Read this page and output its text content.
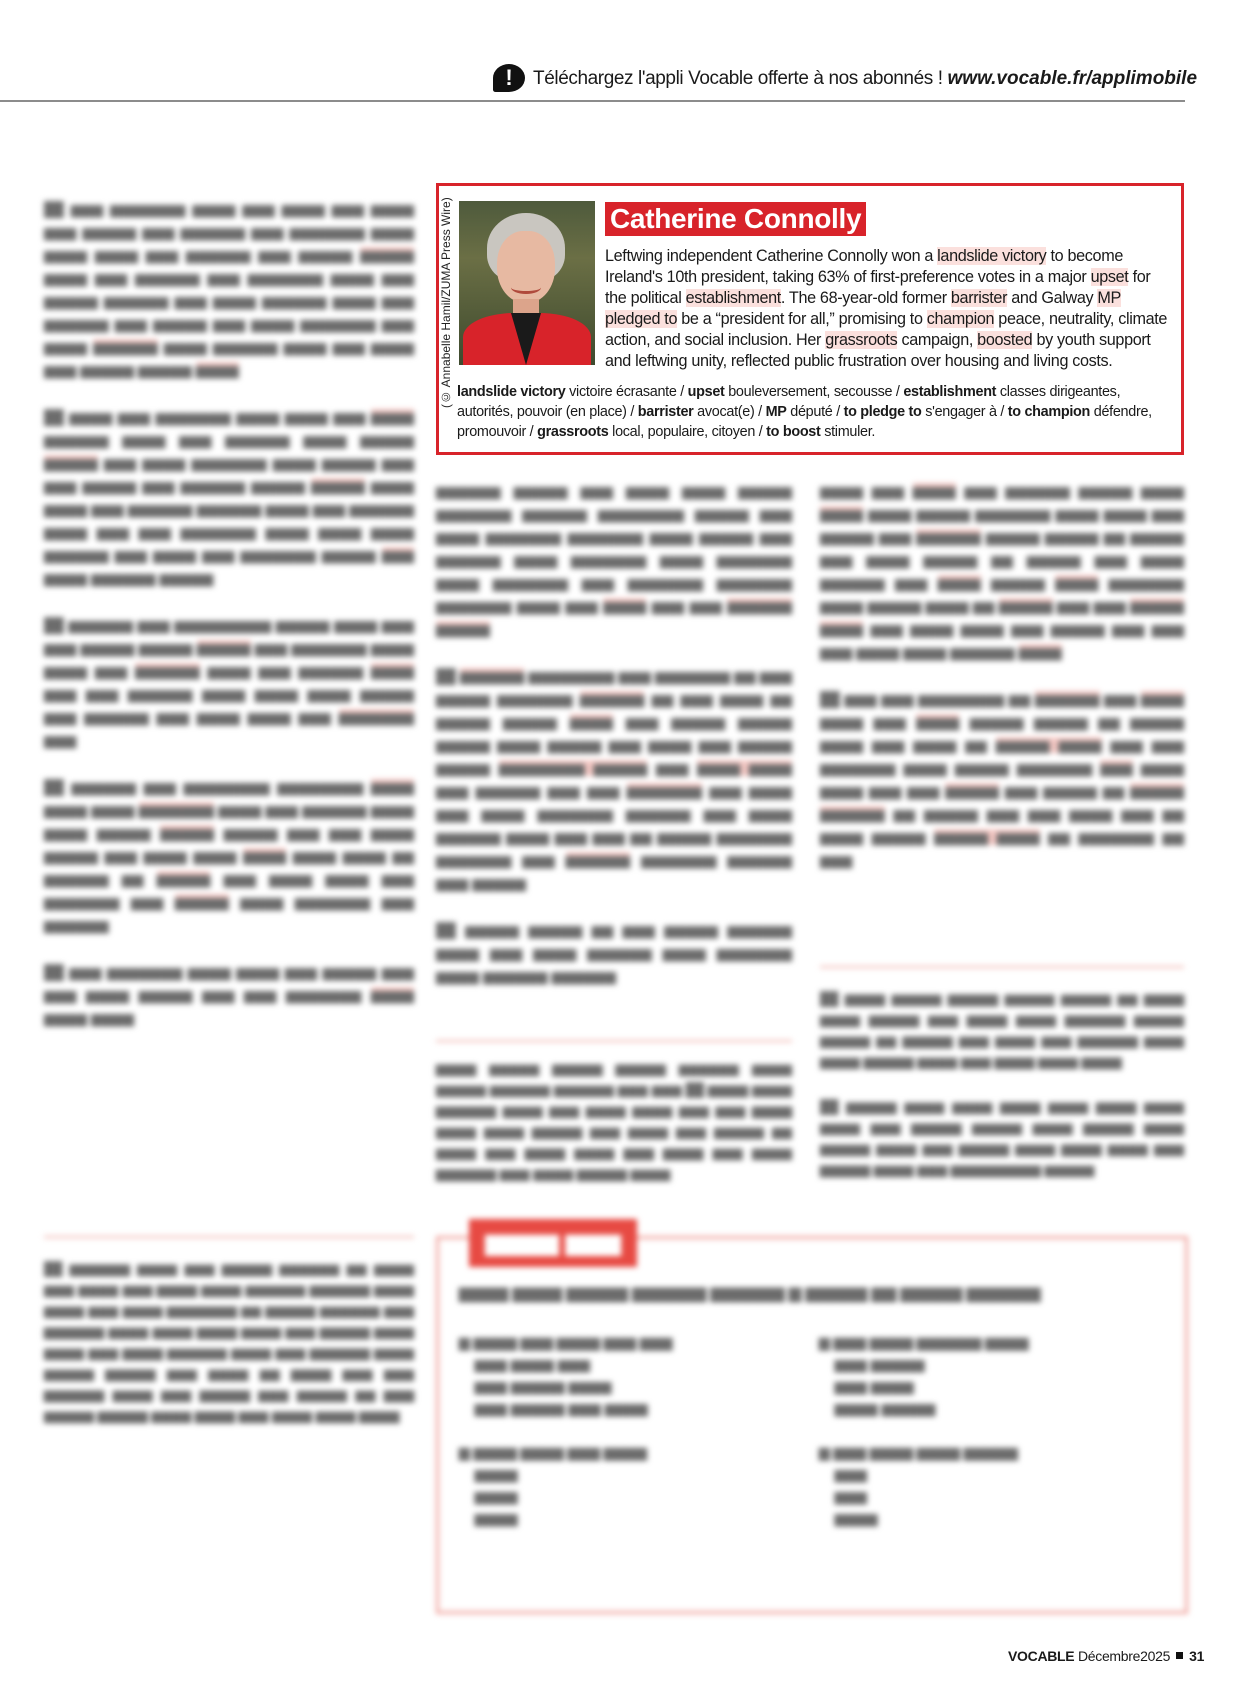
!	Téléchargez l'appli Vocable offerte à nos abonnés ! www.vocable.fr/applimobile
(© Annabelle Hamil/ZUMA Press Wire)	Catherine Connolly
Leftwing independent Catherine Connolly won a landslide victory to become Ireland's 10th president, taking 63% of first-preference votes in a major upset for the political establishment. The 68-year-old former barrister and Galway MP pledged to be a “president for all,” promising to champion peace, neutrality, climate action, and social inclusion. Her grassroots campaign, boosted by youth support and leftwing unity, reflected public frustration over housing and living costs.
landslide victory victoire écrasante / upset bouleversement, secousse / establishment classes dirigeantes, autorités, pouvoir (en place) / barrister avocat(e) / MP député / to pledge to s'engager à / to champion défendre, promouvoir / grassroots local, populaire, citoyen / to boost stimuler.

██ ▆▆▆ ▆▆▆▆▆▆▆ ▆▆▆▆ ▆▆▆ ▆▆▆▆ ▆▆▆ ▆▆▆▆ ▆▆▆ ▆▆▆▆▆ ▆▆▆ ▆▆▆▆▆▆ ▆▆▆ ▆▆▆▆▆▆▆ ▆▆▆▆ ▆▆▆▆ ▆▆▆▆ ▆▆▆ ▆▆▆▆▆▆ ▆▆▆ ▆▆▆▆▆ ▆▆▆▆▆ ▆▆▆▆ ▆▆▆ ▆▆▆▆▆▆ ▆▆▆ ▆▆▆▆▆▆▆ ▆▆▆▆ ▆▆▆ ▆▆▆▆▆ ▆▆▆▆▆▆ ▆▆▆ ▆▆▆▆ ▆▆▆▆▆▆ ▆▆▆▆ ▆▆▆ ▆▆▆▆▆▆ ▆▆▆ ▆▆▆▆▆ ▆▆▆ ▆▆▆▆ ▆▆▆▆▆▆▆ ▆▆▆ ▆▆▆▆ ▆▆▆▆▆▆ ▆▆▆▆ ▆▆▆▆▆▆ ▆▆▆▆ ▆▆▆ ▆▆▆▆ ▆▆▆ ▆▆▆▆▆ ▆▆▆▆▆ ▆▆▆▆

██ ▆▆▆▆ ▆▆▆ ▆▆▆▆▆▆▆ ▆▆▆▆ ▆▆▆▆ ▆▆▆ ▆▆▆▆ ▆▆▆▆▆▆ ▆▆▆▆ ▆▆▆ ▆▆▆▆▆▆ ▆▆▆▆ ▆▆▆▆▆ ▆▆▆▆▆ ▆▆▆ ▆▆▆▆ ▆▆▆▆▆▆▆ ▆▆▆▆ ▆▆▆▆▆ ▆▆▆ ▆▆▆ ▆▆▆▆▆ ▆▆▆ ▆▆▆▆▆▆ ▆▆▆▆▆ ▆▆▆▆▆ ▆▆▆▆ ▆▆▆▆ ▆▆▆ ▆▆▆▆▆▆ ▆▆▆▆▆▆ ▆▆▆▆ ▆▆▆ ▆▆▆▆▆▆ ▆▆▆▆ ▆▆▆ ▆▆▆ ▆▆▆▆▆▆▆ ▆▆▆▆ ▆▆▆▆ ▆▆▆▆ ▆▆▆▆▆▆ ▆▆▆ ▆▆▆▆ ▆▆▆ ▆▆▆▆▆▆▆ ▆▆▆▆▆ ▆▆▆ ▆▆▆▆ ▆▆▆▆▆▆ ▆▆▆▆▆

██ ▆▆▆▆▆▆ ▆▆▆ ▆▆▆▆▆▆▆▆▆ ▆▆▆▆▆ ▆▆▆▆ ▆▆▆ ▆▆▆ ▆▆▆▆▆ ▆▆▆▆▆ ▆▆▆▆▆ ▆▆▆ ▆▆▆▆▆▆▆ ▆▆▆▆ ▆▆▆▆ ▆▆▆ ▆▆▆▆▆▆ ▆▆▆▆ ▆▆▆ ▆▆▆▆▆▆ ▆▆▆▆ ▆▆▆ ▆▆▆ ▆▆▆▆▆▆ ▆▆▆▆ ▆▆▆▆ ▆▆▆▆ ▆▆▆▆▆ ▆▆▆ ▆▆▆▆▆▆ ▆▆▆ ▆▆▆▆ ▆▆▆▆ ▆▆▆ ▆▆▆▆▆▆▆ ▆▆▆

██ ▆▆▆▆▆▆ ▆▆▆ ▆▆▆▆▆▆▆▆ ▆▆▆▆▆▆▆▆ ▆▆▆▆ ▆▆▆▆ ▆▆▆▆ ▆▆▆▆▆▆▆ ▆▆▆▆ ▆▆▆ ▆▆▆▆▆▆ ▆▆▆▆ ▆▆▆▆ ▆▆▆▆▆ ▆▆▆▆▆ ▆▆▆▆▆ ▆▆▆ ▆▆▆ ▆▆▆▆ ▆▆▆▆▆ ▆▆▆ ▆▆▆▆ ▆▆▆▆ ▆▆▆▆ ▆▆▆▆ ▆▆▆▆ ▆▆ ▆▆▆▆▆▆ ▆▆ ▆▆▆▆▆ ▆▆▆ ▆▆▆▆ ▆▆▆▆ ▆▆▆ ▆▆▆▆▆▆▆ ▆▆▆ ▆▆▆▆▆ ▆▆▆▆ ▆▆▆▆▆▆▆ ▆▆▆ ▆▆▆▆▆▆

██ ▆▆▆ ▆▆▆▆▆▆▆ ▆▆▆▆ ▆▆▆▆ ▆▆▆ ▆▆▆▆▆ ▆▆▆ ▆▆▆ ▆▆▆▆ ▆▆▆▆▆ ▆▆▆ ▆▆▆ ▆▆▆▆▆▆▆ ▆▆▆▆ ▆▆▆▆ ▆▆▆▆

██ ▆▆▆▆▆▆ ▆▆▆▆ ▆▆▆ ▆▆▆▆▆ ▆▆▆▆▆▆ ▆▆ ▆▆▆▆ ▆▆▆ ▆▆▆▆ ▆▆▆ ▆▆▆▆ ▆▆▆▆ ▆▆▆▆▆▆ ▆▆▆▆▆▆ ▆▆▆▆ ▆▆▆▆ ▆▆▆ ▆▆▆▆ ▆▆▆▆▆▆▆ ▆▆ ▆▆▆▆▆ ▆▆▆▆▆▆ ▆▆▆ ▆▆▆▆▆▆ ▆▆▆▆ ▆▆▆▆ ▆▆▆▆ ▆▆▆▆ ▆▆▆ ▆▆▆▆▆ ▆▆▆▆ ▆▆▆▆ ▆▆▆ ▆▆▆▆ ▆▆▆▆▆▆ ▆▆▆▆ ▆▆▆ ▆▆▆▆▆▆ ▆▆▆▆ ▆▆▆▆▆ ▆▆▆▆▆ ▆▆▆ ▆▆▆▆ ▆▆ ▆▆▆▆ ▆▆▆ ▆▆▆ ▆▆▆▆▆▆ ▆▆▆▆ ▆▆▆ ▆▆▆▆▆ ▆▆▆ ▆▆▆▆▆ ▆▆ ▆▆▆ ▆▆▆▆▆ ▆▆▆▆▆ ▆▆▆▆ ▆▆▆▆ ▆▆▆ ▆▆▆▆ ▆▆▆▆ ▆▆▆▆

▆▆▆▆▆▆ ▆▆▆▆▆ ▆▆▆ ▆▆▆▆ ▆▆▆▆ ▆▆▆▆▆ ▆▆▆▆▆▆▆ ▆▆▆▆▆▆ ▆▆▆▆▆▆▆▆ ▆▆▆▆▆ ▆▆▆ ▆▆▆▆ ▆▆▆▆▆▆▆ ▆▆▆▆▆▆▆ ▆▆▆▆ ▆▆▆▆▆ ▆▆▆ ▆▆▆▆▆▆ ▆▆▆▆ ▆▆▆▆▆▆▆ ▆▆▆▆ ▆▆▆▆▆▆▆ ▆▆▆▆ ▆▆▆▆▆▆▆ ▆▆▆ ▆▆▆▆▆▆▆ ▆▆▆▆▆▆▆ ▆▆▆▆▆▆▆ ▆▆▆▆ ▆▆▆ ▆▆▆▆ ▆▆▆ ▆▆▆ ▆▆▆▆▆▆ ▆▆▆▆▆

██ ▆▆▆▆▆▆ ▆▆▆▆▆▆▆▆ ▆▆▆ ▆▆▆▆▆▆▆ ▆▆ ▆▆▆ ▆▆▆▆▆ ▆▆▆▆▆▆▆ ▆▆▆▆▆▆ ▆▆ ▆▆▆ ▆▆▆▆ ▆▆ ▆▆▆▆▆ ▆▆▆▆▆ ▆▆▆▆ ▆▆▆ ▆▆▆▆▆ ▆▆▆▆▆ ▆▆▆▆▆ ▆▆▆▆ ▆▆▆▆▆ ▆▆▆ ▆▆▆▆ ▆▆▆ ▆▆▆▆▆ ▆▆▆▆▆ ▆▆▆▆▆▆▆▆ ▆▆▆▆▆ ▆▆▆ ▆▆▆▆ ▆▆▆▆ ▆▆▆ ▆▆▆▆▆▆ ▆▆▆ ▆▆▆ ▆▆▆▆▆▆▆ ▆▆▆ ▆▆▆▆ ▆▆▆ ▆▆▆▆ ▆▆▆▆▆▆▆ ▆▆▆▆▆▆ ▆▆▆ ▆▆▆▆ ▆▆▆▆▆▆ ▆▆▆▆ ▆▆▆ ▆▆▆ ▆▆ ▆▆▆▆▆ ▆▆▆▆▆▆▆ ▆▆▆▆▆▆▆ ▆▆▆ ▆▆▆▆▆▆ ▆▆▆▆▆▆▆ ▆▆▆▆▆▆ ▆▆▆ ▆▆▆▆▆

██ ▆▆▆▆▆ ▆▆▆▆▆ ▆▆ ▆▆▆ ▆▆▆▆▆ ▆▆▆▆▆▆ ▆▆▆▆ ▆▆▆ ▆▆▆▆ ▆▆▆▆▆▆ ▆▆▆▆ ▆▆▆▆▆▆▆ ▆▆▆▆ ▆▆▆▆▆▆ ▆▆▆▆▆▆

▆▆▆▆ ▆▆▆▆▆ ▆▆▆▆▆ ▆▆▆▆▆ ▆▆▆▆▆▆ ▆▆▆▆ ▆▆▆▆▆ ▆▆▆▆▆▆ ▆▆▆▆▆▆ ▆▆▆ ▆▆▆ ██ ▆▆▆▆ ▆▆▆▆ ▆▆▆▆▆▆ ▆▆▆▆ ▆▆▆ ▆▆▆▆ ▆▆▆▆ ▆▆▆ ▆▆▆ ▆▆▆▆ ▆▆▆▆ ▆▆▆▆ ▆▆▆▆▆ ▆▆▆ ▆▆▆▆ ▆▆▆ ▆▆▆▆▆ ▆▆ ▆▆▆▆ ▆▆▆ ▆▆▆▆ ▆▆▆▆ ▆▆▆ ▆▆▆▆ ▆▆▆ ▆▆▆▆ ▆▆▆▆▆▆ ▆▆▆ ▆▆▆▆ ▆▆▆▆▆ ▆▆▆▆

▆▆▆▆ ▆▆▆ ▆▆▆▆ ▆▆▆ ▆▆▆▆▆▆ ▆▆▆▆▆ ▆▆▆▆ ▆▆▆▆ ▆▆▆▆ ▆▆▆▆▆ ▆▆▆▆▆▆▆ ▆▆▆▆ ▆▆▆▆ ▆▆▆ ▆▆▆▆▆ ▆▆▆ ▆▆▆▆▆▆ ▆▆▆▆▆ ▆▆▆▆▆ ▆▆ ▆▆▆▆▆ ▆▆▆ ▆▆▆▆ ▆▆▆▆▆ ▆▆ ▆▆▆▆▆ ▆▆▆ ▆▆▆▆ ▆▆▆▆▆▆ ▆▆▆ ▆▆▆▆ ▆▆▆▆▆ ▆▆▆▆ ▆▆▆▆▆▆▆ ▆▆▆▆ ▆▆▆▆▆ ▆▆▆▆ ▆▆ ▆▆▆▆▆ ▆▆▆ ▆▆▆ ▆▆▆▆▆ ▆▆▆▆ ▆▆▆ ▆▆▆▆ ▆▆▆▆ ▆▆▆ ▆▆▆▆▆ ▆▆▆ ▆▆▆ ▆▆▆ ▆▆▆▆ ▆▆▆▆ ▆▆▆▆▆▆ ▆▆▆▆

██ ▆▆▆ ▆▆▆ ▆▆▆▆▆▆▆▆ ▆▆ ▆▆▆▆▆▆ ▆▆▆ ▆▆▆▆ ▆▆▆▆ ▆▆▆ ▆▆▆▆ ▆▆▆▆▆ ▆▆▆▆▆ ▆▆ ▆▆▆▆▆ ▆▆▆▆ ▆▆▆ ▆▆▆▆ ▆▆ ▆▆▆▆▆ ▆▆▆▆ ▆▆▆ ▆▆▆ ▆▆▆▆▆▆▆ ▆▆▆▆ ▆▆▆▆▆ ▆▆▆▆▆▆▆ ▆▆▆ ▆▆▆▆ ▆▆▆▆ ▆▆▆ ▆▆▆ ▆▆▆▆▆ ▆▆▆ ▆▆▆▆▆ ▆▆ ▆▆▆▆▆ ▆▆▆▆▆▆ ▆▆ ▆▆▆▆▆ ▆▆▆ ▆▆▆ ▆▆▆▆ ▆▆▆ ▆▆ ▆▆▆▆ ▆▆▆▆▆ ▆▆▆▆▆ ▆▆▆▆ ▆▆ ▆▆▆▆▆▆▆ ▆▆ ▆▆▆

██ ▆▆▆▆ ▆▆▆▆▆ ▆▆▆▆▆ ▆▆▆▆▆ ▆▆▆▆▆ ▆▆ ▆▆▆▆ ▆▆▆▆ ▆▆▆▆▆ ▆▆▆ ▆▆▆▆ ▆▆▆▆ ▆▆▆▆▆▆ ▆▆▆▆▆ ▆▆▆▆▆ ▆▆ ▆▆▆▆▆ ▆▆▆ ▆▆▆▆ ▆▆▆ ▆▆▆▆▆▆ ▆▆▆▆ ▆▆▆▆ ▆▆▆▆▆ ▆▆▆▆ ▆▆▆ ▆▆▆▆ ▆▆▆▆ ▆▆▆▆

██ ▆▆▆▆▆ ▆▆▆▆ ▆▆▆▆ ▆▆▆▆ ▆▆▆▆ ▆▆▆▆ ▆▆▆▆ ▆▆▆▆ ▆▆▆ ▆▆▆▆▆ ▆▆▆▆▆ ▆▆▆▆ ▆▆▆▆▆ ▆▆▆▆ ▆▆▆▆▆ ▆▆▆▆ ▆▆▆ ▆▆▆▆▆ ▆▆▆▆ ▆▆▆▆ ▆▆▆▆ ▆▆▆ ▆▆▆▆▆ ▆▆▆▆ ▆▆▆ ▆▆▆▆▆▆▆▆▆ ▆▆▆▆▆

▆▆▆▆ ▆▆▆
▆▆▆▆ ▆▆▆▆ ▆▆▆▆▆ ▆▆▆▆▆▆ ▆▆▆▆▆▆ ▆ ▆▆▆▆▆ ▆▆ ▆▆▆▆▆ ▆▆▆▆▆▆
▆ ▆▆▆▆ ▆▆▆ ▆▆▆▆ ▆▆▆ ▆▆▆
▆▆▆ ▆▆▆▆ ▆▆▆
▆▆▆ ▆▆▆▆▆ ▆▆▆▆
▆▆▆ ▆▆▆▆▆ ▆▆▆ ▆▆▆▆

▆ ▆▆▆▆ ▆▆▆▆ ▆▆▆ ▆▆▆▆
▆▆▆▆
▆▆▆▆
▆▆▆▆
▆ ▆▆▆ ▆▆▆▆ ▆▆▆▆▆▆ ▆▆▆▆
▆▆▆ ▆▆▆▆▆
▆▆▆ ▆▆▆▆
▆▆▆▆ ▆▆▆▆▆

▆ ▆▆▆ ▆▆▆▆ ▆▆▆▆ ▆▆▆▆▆
▆▆▆
▆▆▆
▆▆▆▆
VOCABLE Décembre2025 31
